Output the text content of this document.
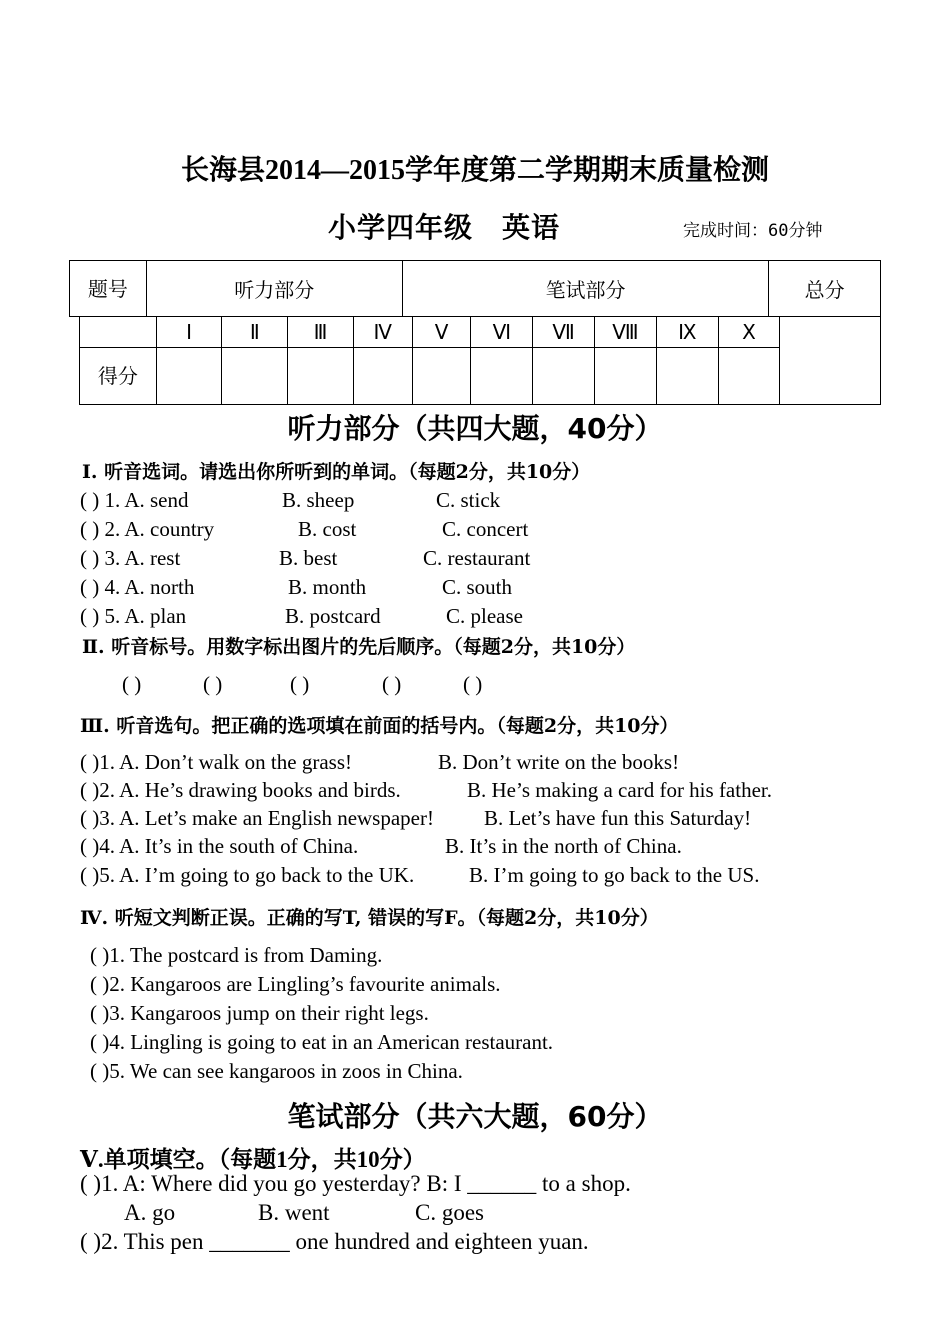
长海县2014—2015学年度第二学期期末质量检测
小学四年级　英语	完成时间：60分钟
题号	听力部分	笔试部分	总分
	Ⅰ	Ⅱ	Ⅲ	Ⅳ	Ⅴ	Ⅵ	Ⅶ	Ⅷ	Ⅸ	Ⅹ	
得分											
听力部分（共四大题，40分）
Ⅰ. 听音选词。请选出你所听到的单词。（每题2分，共10分）
( ) 1. A. send	B. sheep	C. stick
( ) 2. A. country	B. cost	C. concert
( ) 3. A. rest	B. best	C. restaurant
( ) 4. A. north	B. month	C. south
( ) 5. A. plan	B. postcard	C. please
Ⅱ. 听音标号。用数字标出图片的先后顺序。（每题2分，共10分）
( )	( )	( )	( )	( )
Ⅲ. 听音选句。把正确的选项填在前面的括号内。（每题2分，共10分）
( )1. A. Don’t walk on the grass!	B. Don’t write on the books!
( )2. A. He’s drawing books and birds.	B. He’s making a card for his father.
( )3. A. Let’s make an English newspaper! B. Let’s have fun this Saturday!
( )4. A. It’s in the south of China.	B. It’s in the north of China.
( )5. A. I’m going to go back to the UK.	B. I’m going to go back to the US.
Ⅳ. 听短文判断正误。正确的写T, 错误的写F。（每题2分，共10分）
( )1. The postcard is from Daming.
( )2. Kangaroos are Lingling’s favourite animals.
( )3. Kangaroos jump on their right legs.
( )4. Lingling is going to eat in an American restaurant.
( )5. We can see kangaroos in zoos in China.
笔试部分（共六大题，60分）
Ⅴ.单项填空。（每题1分，共10分）
( )1. A: Where did you go yesterday? B: I ______ to a shop.
A. go	B. went	C. goes
( )2. This pen _______ one hundred and eighteen yuan.
